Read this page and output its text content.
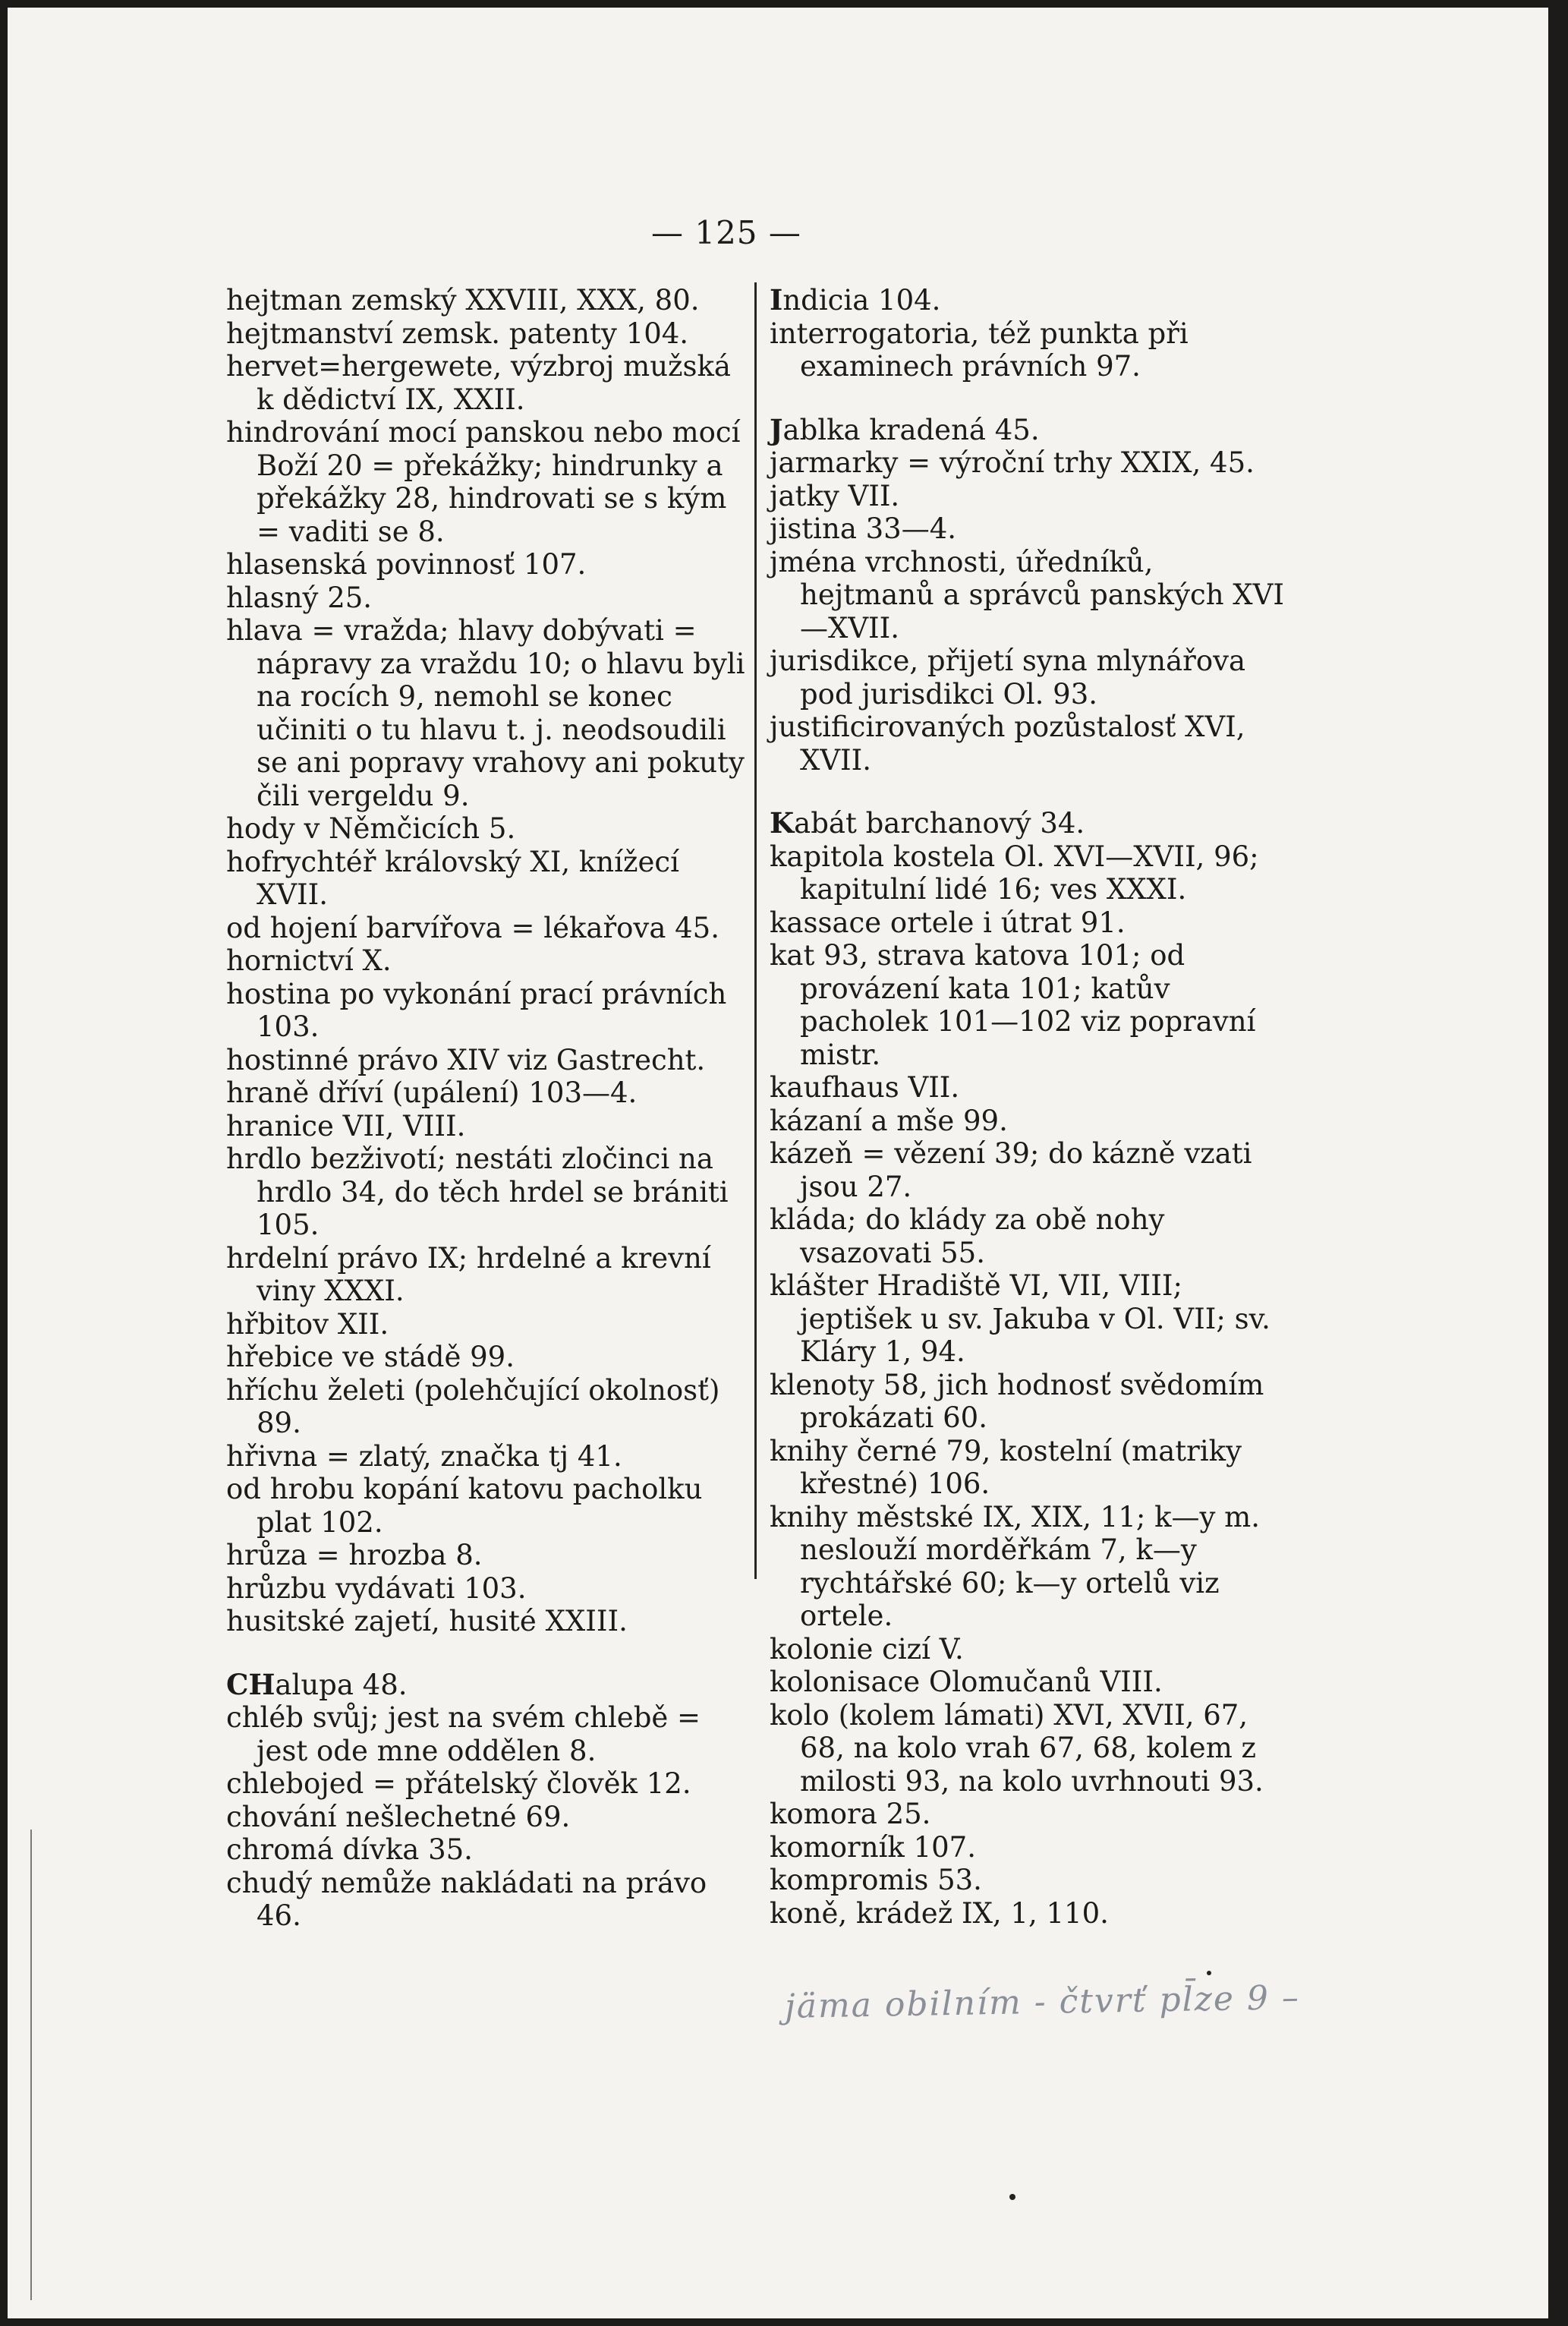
— 125 —

hejtman zemský XXVIII, XXX, 80.

hejtmanství zemsk. patenty 104.

hervet=hergewete, výzbroj mužská k dědictví IX, XXII.

hindrování mocí panskou nebo mocí Boží 20 = překážky; hindrunky a překážky 28, hindrovati se s kým = vaditi se 8.

hlasenská povinnosť 107.

hlasný 25.

hlava = vražda; hlavy dobývati = nápravy za vraždu 10; o hlavu byli na rocích 9, nemohl se konec učiniti o tu hlavu t. j. neodsoudili se ani popravy vrahovy ani pokuty čili vergeldu 9.

hody v Němčicích 5.

hofrychtéř královský XI, knížecí XVII.

od hojení barvířova = lékařova 45.

hornictví X.

hostina po vykonání prací právních 103.

hostinné právo XIV viz Gastrecht.

hraně dříví (upálení) 103—4.

hranice VII, VIII.

hrdlo bezživotí; nestáti zločinci na hrdlo 34, do těch hrdel se brániti 105.

hrdelní právo IX; hrdelné a krevní viny XXXI.

hřbitov XII.

hřebice ve stádě 99.

hříchu želeti (polehčující okolnosť) 89.

hřivna = zlatý, značka tj 41.

od hrobu kopání katovu pacholku plat 102.

hrůza = hrozba 8.

hrůzbu vydávati 103.

husitské zajetí, husité XXIII.

CHalupa 48.

chléb svůj; jest na svém chlebě = jest ode mne oddělen 8.

chlebojed = přátelský člověk 12.

chování nešlechetné 69.

chromá dívka 35.

chudý nemůže nakládati na právo 46.

Indicia 104.

interrogatoria, též punkta při examinech právních 97.

Jablka kradená 45.

jarmarky = výroční trhy XXIX, 45.

jatky VII.

jistina 33—4.

jména vrchnosti, úředníků, hejtmanů a správců panských XVI—XVII.

jurisdikce, přijetí syna mlynářova pod jurisdikci Ol. 93.

justificirovaných pozůstalosť XVI, XVII.

Kabát barchanový 34.

kapitola kostela Ol. XVI—XVII, 96; kapitulní lidé 16; ves XXXI.

kassace ortele i útrat 91.

kat 93, strava katova 101; od provázení kata 101; katův pacholek 101—102 viz popravní mistr.

kaufhaus VII.

kázaní a mše 99.

kázeň = vězení 39; do kázně vzati jsou 27.

kláda; do klády za obě nohy vsazovati 55.

klášter Hradiště VI, VII, VIII; jeptišek u sv. Jakuba v Ol. VII; sv. Kláry 1, 94.

klenoty 58, jich hodnosť svědomím prokázati 60.

knihy černé 79, kostelní (matriky křestné) 106.

knihy městské IX, XIX, 11; k—y m. neslouží morděřkám 7, k—y rychtářské 60; k—y ortelů viz ortele.

kolonie cizí V.

kolonisace Olomučanů VIII.

kolo (kolem lámati) XVI, XVII, 67, 68, na kolo vrah 67, 68, kolem z milosti 93, na kolo uvrhnouti 93.

komora 25.

komorník 107.

kompromis 53.

koně, krádež IX, 1, 110.

jäma obilním - čtvrť pl̄ze 9 –
